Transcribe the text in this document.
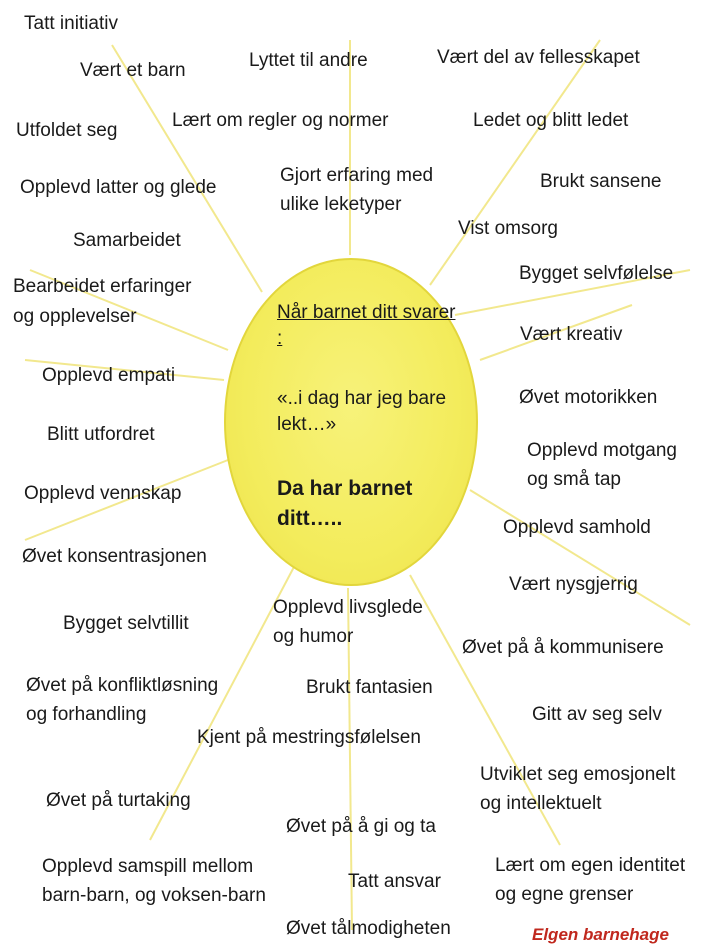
Når barnet ditt svarer :
«..i dag har jeg bare lekt…»
Da har barnet ditt…..
Tatt initiativ
Vært et barn	Lyttet til andre	Vært del av fellesskapet
Lært om regler og normer	Ledet og blitt ledet
Utfoldet seg
Opplevd latter og glede
Gjort erfaring med
ulike leketyper
Brukt sansene
Samarbeidet
Vist omsorg
Bygget selvfølelse
Bearbeidet erfaringer
og opplevelser
Vært kreativ
Opplevd empati
Øvet motorikken
Blitt utfordret
Opplevd motgang
og små tap
Opplevd vennskap
Opplevd samhold
Øvet konsentrasjonen
Vært nysgjerrig
Opplevd livsglede
og humor
Bygget selvtillit
Øvet på å kommunisere
Øvet på konfliktløsning
og forhandling
Brukt fantasien
Gitt av seg selv
Kjent på mestringsfølelsen
Utviklet seg emosjonelt
og intellektuelt
Øvet på turtaking
Øvet på å gi og ta
Opplevd samspill mellom
barn-barn, og voksen-barn
Lært om egen identitet
og egne grenser
Tatt ansvar
Øvet tålmodigheten	Elgen barnehage
